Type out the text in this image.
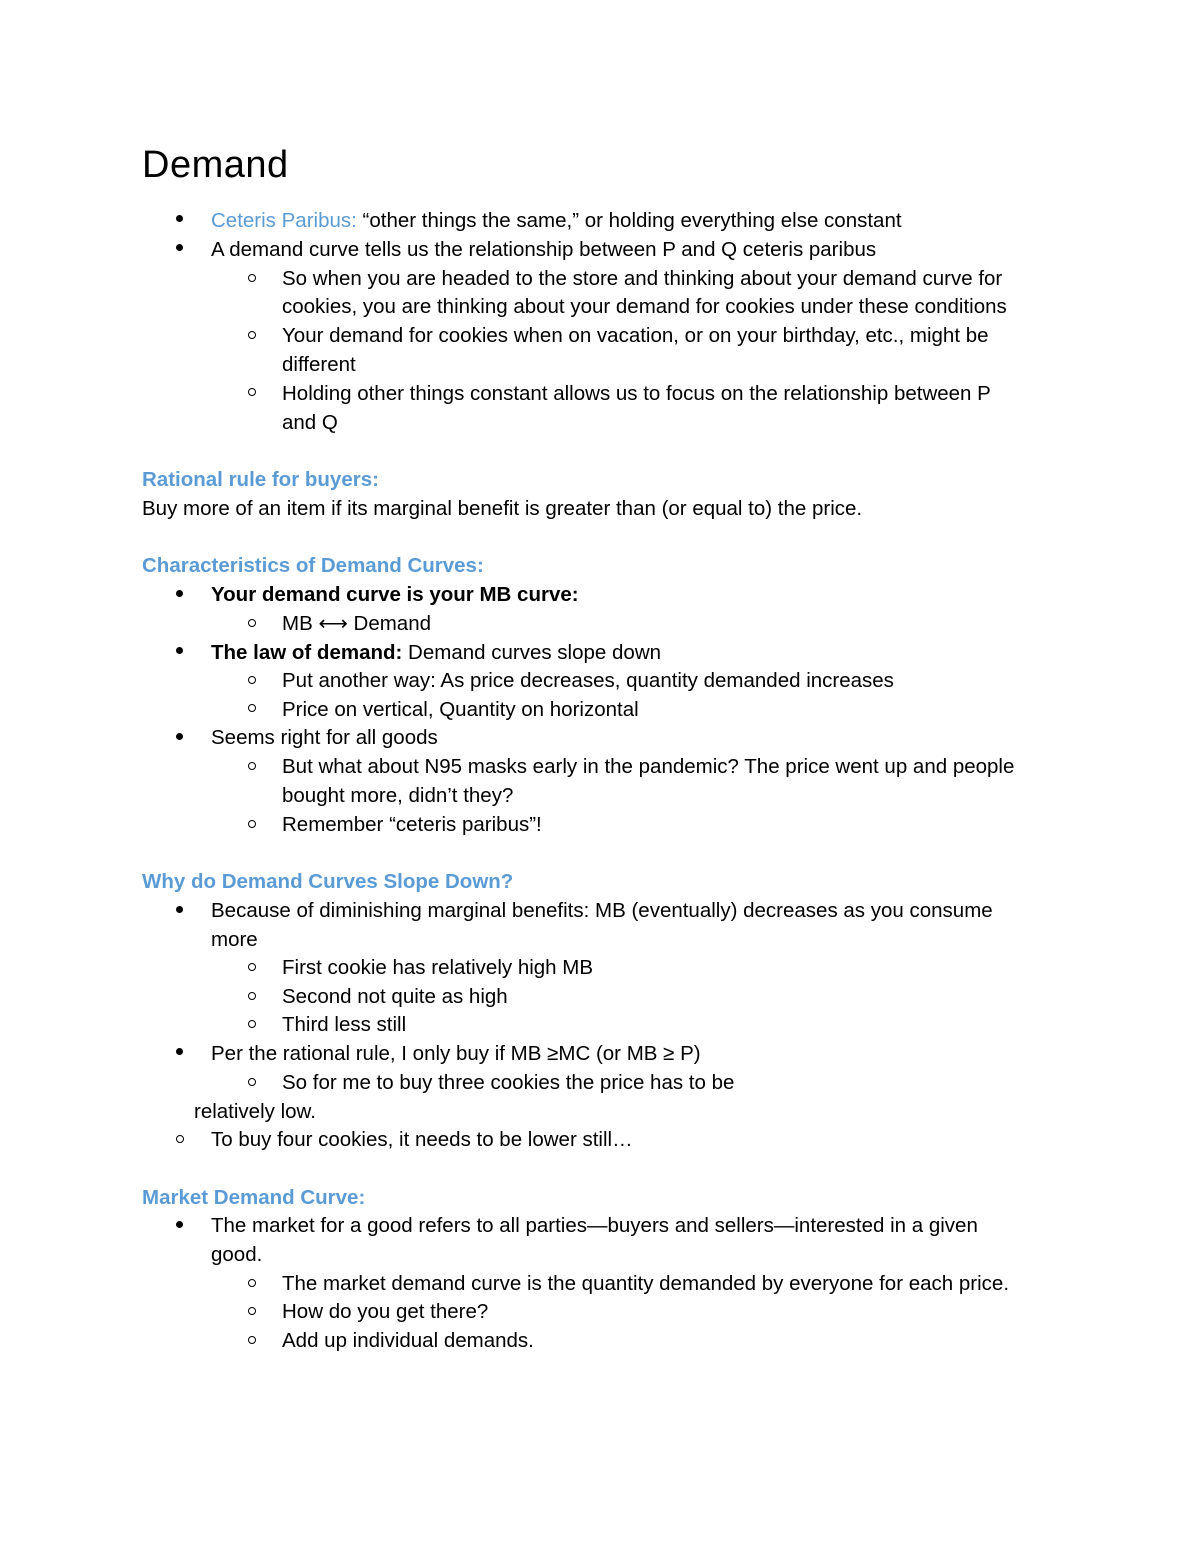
Demand
Ceteris Paribus: “other things the same,” or holding everything else constant
A demand curve tells us the relationship between P and Q ceteris paribus
So when you are headed to the store and thinking about your demand curve for
cookies, you are thinking about your demand for cookies under these conditions
Your demand for cookies when on vacation, or on your birthday, etc., might be
different
Holding other things constant allows us to focus on the relationship between P
and Q
Rational rule for buyers:
Buy more of an item if its marginal benefit is greater than (or equal to) the price.
Characteristics of Demand Curves:
Your demand curve is your MB curve:
MB ⟷ Demand
The law of demand: Demand curves slope down
Put another way: As price decreases, quantity demanded increases
Price on vertical, Quantity on horizontal
Seems right for all goods
But what about N95 masks early in the pandemic? The price went up and people
bought more, didn’t they?
Remember “ceteris paribus”!
Why do Demand Curves Slope Down?
Because of diminishing marginal benefits: MB (eventually) decreases as you consume
more
First cookie has relatively high MB
Second not quite as high
Third less still
Per the rational rule, I only buy if MB ≥MC (or MB ≥ P)
So for me to buy three cookies the price has to be
relatively low.
To buy four cookies, it needs to be lower still…
Market Demand Curve:
The market for a good refers to all parties—buyers and sellers—interested in a given
good.
The market demand curve is the quantity demanded by everyone for each price.
How do you get there?
Add up individual demands.
